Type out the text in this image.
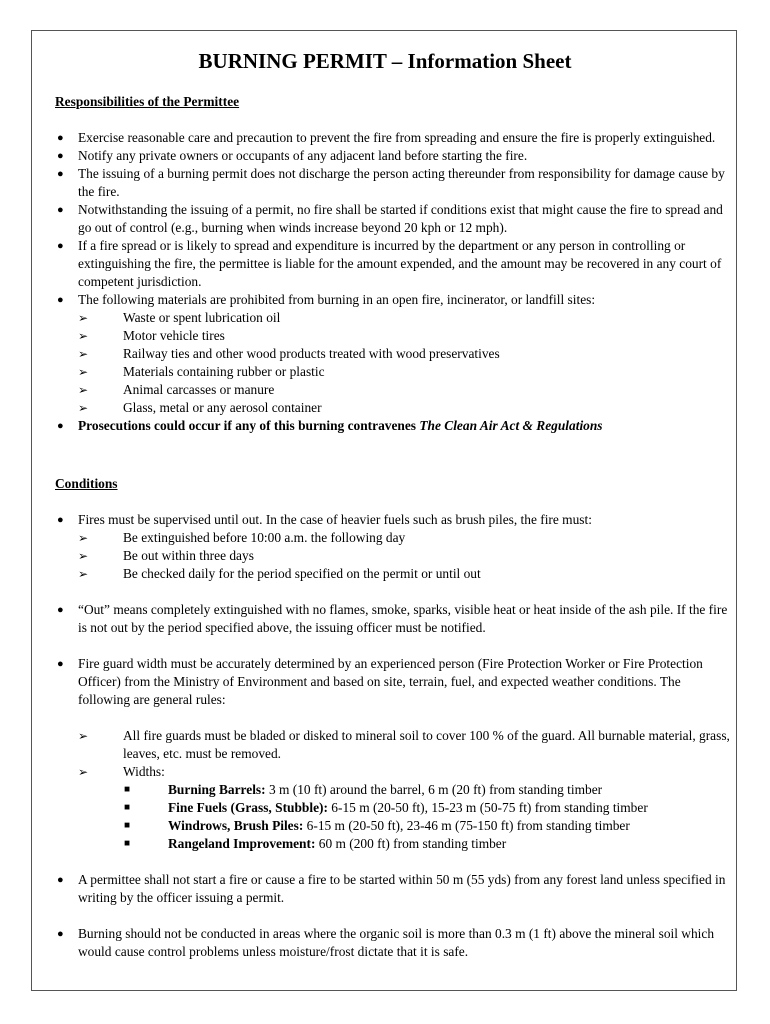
BURNING PERMIT – Information Sheet
Responsibilities of the Permittee
● Exercise reasonable care and precaution to prevent the fire from spreading and ensure the fire is properly extinguished.
● Notify any private owners or occupants of any adjacent land before starting the fire.
● The issuing of a burning permit does not discharge the person acting thereunder from responsibility for damage cause by the fire.
● Notwithstanding the issuing of a permit, no fire shall be started if conditions exist that might cause the fire to spread and go out of control (e.g., burning when winds increase beyond 20 kph or 12 mph).
● If a fire spread or is likely to spread and expenditure is incurred by the department or any person in controlling or extinguishing the fire, the permittee is liable for the amount expended, and the amount may be recovered in any court of competent jurisdiction.
● The following materials are prohibited from burning in an open fire, incinerator, or landfill sites:
➢	Waste or spent lubrication oil
➢	Motor vehicle tires
➢	Railway ties and other wood products treated with wood preservatives
➢	Materials containing rubber or plastic
➢	Animal carcasses or manure
➢	Glass, metal or any aerosol container
● Prosecutions could occur if any of this burning contravenes The Clean Air Act & Regulations
Conditions
● Fires must be supervised until out. In the case of heavier fuels such as brush piles, the fire must:
➢	Be extinguished before 10:00 a.m. the following day
➢	Be out within three days
➢	Be checked daily for the period specified on the permit or until out
● “Out” means completely extinguished with no flames, smoke, sparks, visible heat or heat inside of the ash pile. If the fire is not out by the period specified above, the issuing officer must be notified.
● Fire guard width must be accurately determined by an experienced person (Fire Protection Worker or Fire Protection Officer) from the Ministry of Environment and based on site, terrain, fuel, and expected weather conditions. The following are general rules:
➢	All fire guards must be bladed or disked to mineral soil to cover 100 % of the guard. All burnable material, grass, leaves, etc. must be removed.
➢	Widths:
■	Burning Barrels: 3 m (10 ft) around the barrel, 6 m (20 ft) from standing timber
■	Fine Fuels (Grass, Stubble): 6-15 m (20-50 ft), 15-23 m (50-75 ft) from standing timber
■	Windrows, Brush Piles: 6-15 m (20-50 ft), 23-46 m (75-150 ft) from standing timber
■	Rangeland Improvement: 60 m (200 ft) from standing timber
● A permittee shall not start a fire or cause a fire to be started within 50 m (55 yds) from any forest land unless specified in writing by the officer issuing a permit.
● Burning should not be conducted in areas where the organic soil is more than 0.3 m (1 ft) above the mineral soil which would cause control problems unless moisture/frost dictate that it is safe.
